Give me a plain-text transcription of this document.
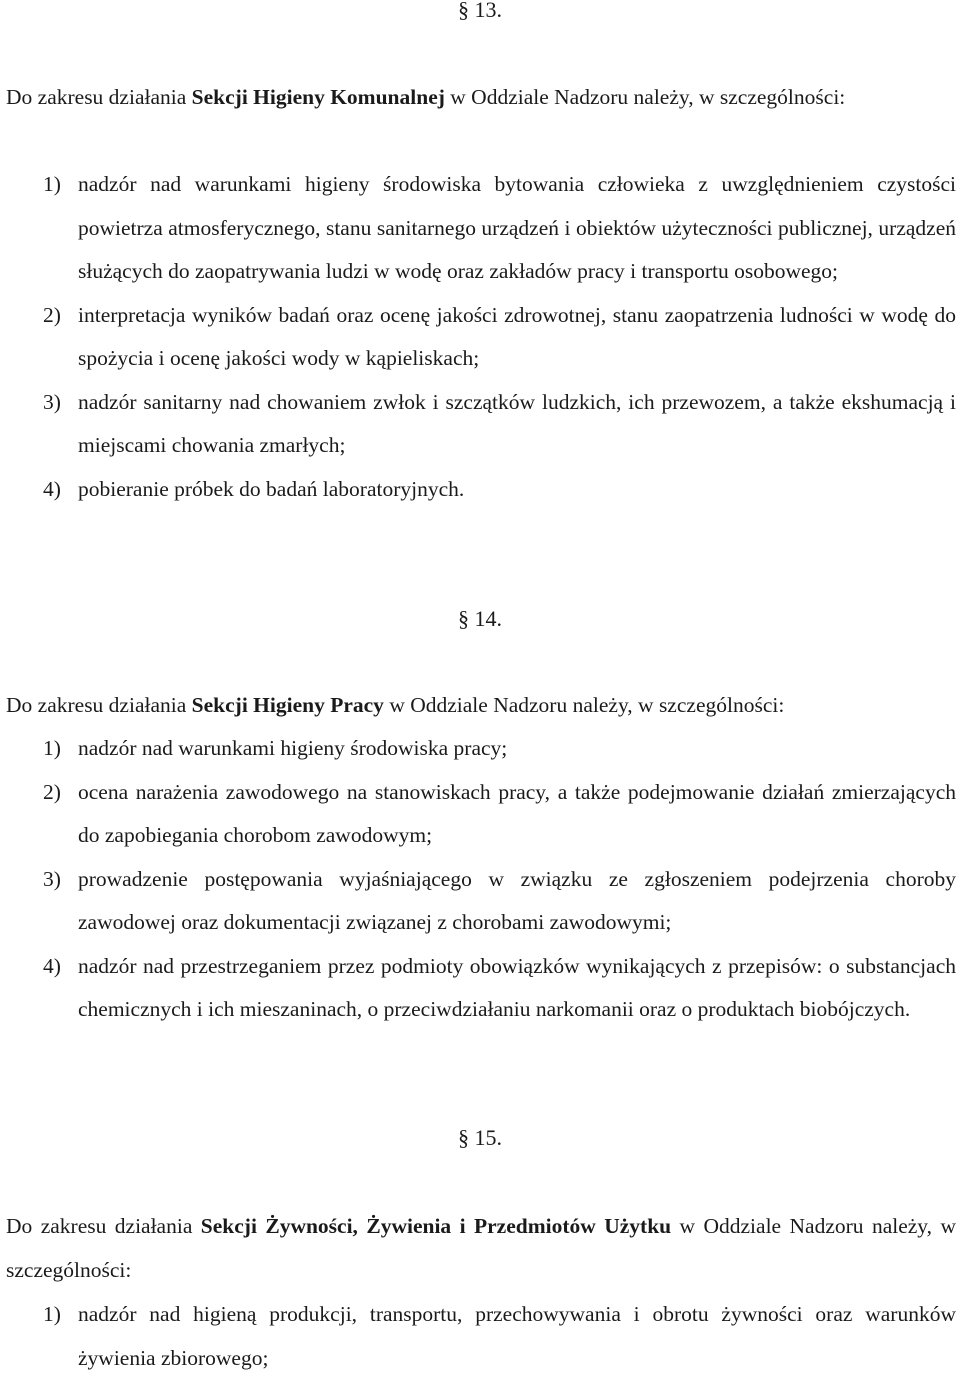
§ 13.
Do zakresu działania Sekcji Higieny Komunalnej w Oddziale Nadzoru należy, w szczególności:
1) nadzór nad warunkami higieny środowiska bytowania człowieka z uwzględnieniem czystości powietrza atmosferycznego, stanu sanitarnego urządzeń i obiektów użyteczności publicznej, urządzeń służących do zaopatrywania ludzi w wodę oraz zakładów pracy i transportu osobowego;
2) interpretacja wyników badań oraz ocenę jakości zdrowotnej, stanu zaopatrzenia ludności w wodę do spożycia i ocenę jakości wody w kąpieliskach;
3) nadzór sanitarny nad chowaniem zwłok i szczątków ludzkich, ich przewozem, a także ekshumacją i miejscami chowania zmarłych;
4) pobieranie próbek do badań laboratoryjnych.
§ 14.
Do zakresu działania Sekcji Higieny Pracy w Oddziale Nadzoru należy, w szczególności:
1) nadzór nad warunkami higieny środowiska pracy;
2) ocena narażenia zawodowego na stanowiskach pracy, a także podejmowanie działań zmierzających do zapobiegania chorobom zawodowym;
3) prowadzenie postępowania wyjaśniającego w związku ze zgłoszeniem podejrzenia choroby zawodowej oraz dokumentacji związanej z chorobami zawodowymi;
4) nadzór nad przestrzeganiem przez podmioty obowiązków wynikających z przepisów: o substancjach chemicznych i ich mieszaninach, o przeciwdziałaniu narkomanii oraz o produktach biobójczych.
§ 15.
Do zakresu działania Sekcji Żywności, Żywienia i Przedmiotów Użytku w Oddziale Nadzoru należy, w szczególności:
1) nadzór nad higieną produkcji, transportu, przechowywania i obrotu żywności oraz warunków żywienia zbiorowego;
